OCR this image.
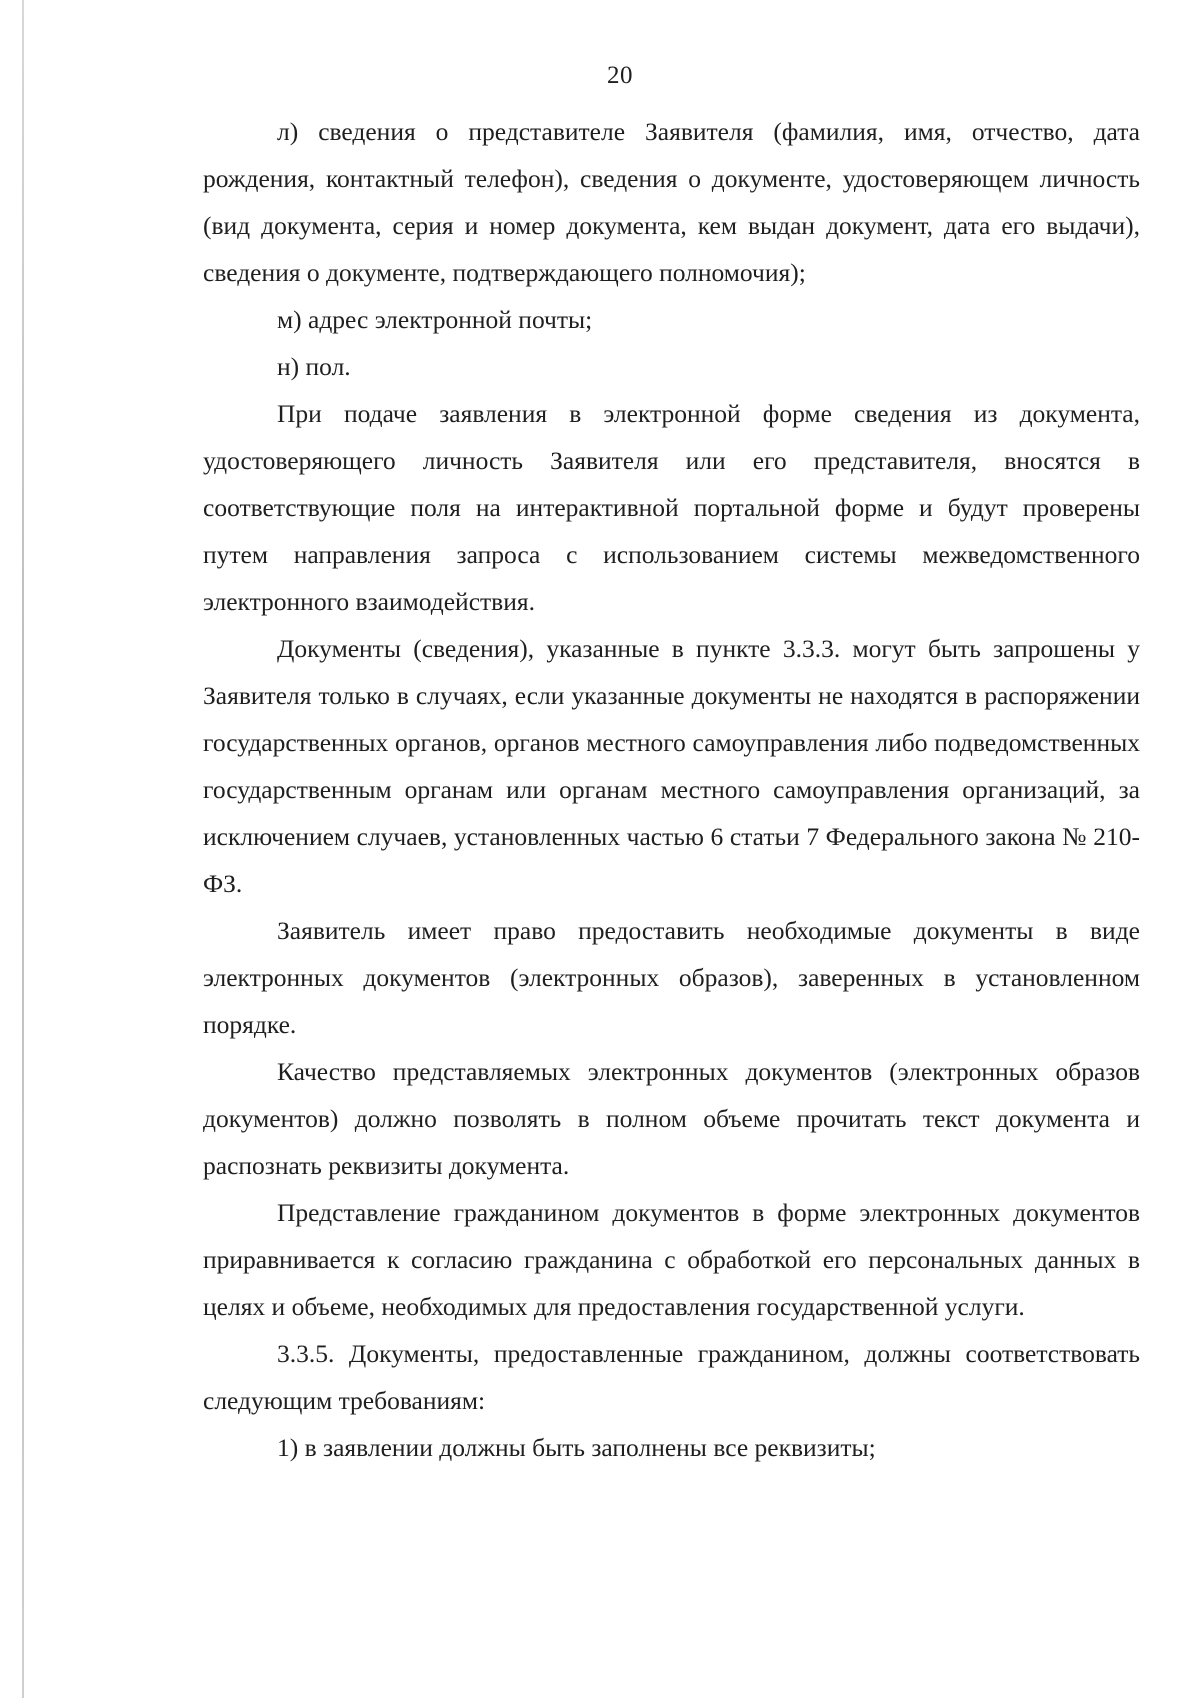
20

л) сведения о представителе Заявителя (фамилия, имя, отчество, дата рождения, контактный телефон), сведения о документе, удостоверяющем личность (вид документа, серия и номер документа, кем выдан документ, дата его выдачи), сведения о документе, подтверждающего полномочия);

м) адрес электронной почты;

н) пол.

При подаче заявления в электронной форме сведения из документа, удостоверяющего личность Заявителя или его представителя, вносятся в соответствующие поля на интерактивной портальной форме и будут проверены путем направления запроса с использованием системы межведомственного электронного взаимодействия.

Документы (сведения), указанные в пункте 3.3.3. могут быть запрошены у Заявителя только в случаях, если указанные документы не находятся в распоряжении государственных органов, органов местного самоуправления либо подведомственных государственным органам или органам местного самоуправления организаций, за исключением случаев, установленных частью 6 статьи 7 Федерального закона № 210-ФЗ.

Заявитель имеет право предоставить необходимые документы в виде электронных документов (электронных образов), заверенных в установленном порядке.

Качество представляемых электронных документов (электронных образов документов) должно позволять в полном объеме прочитать текст документа и распознать реквизиты документа.

Представление гражданином документов в форме электронных документов приравнивается к согласию гражданина с обработкой его персональных данных в целях и объеме, необходимых для предоставления государственной услуги.

3.3.5. Документы, предоставленные гражданином, должны соответствовать следующим требованиям:

1) в заявлении должны быть заполнены все реквизиты;
